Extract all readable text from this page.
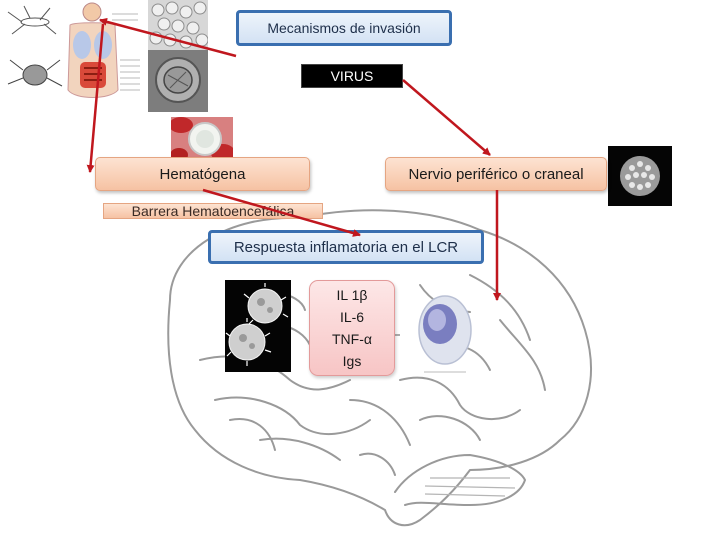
Mecanismos de invasión
VIRUS
Hematógena	Nervio periférico o craneal
Barrera Hematoencefálica
Respuesta inflamatoria en el LCR
IL 1β
IL-6
TNF-α
Igs
